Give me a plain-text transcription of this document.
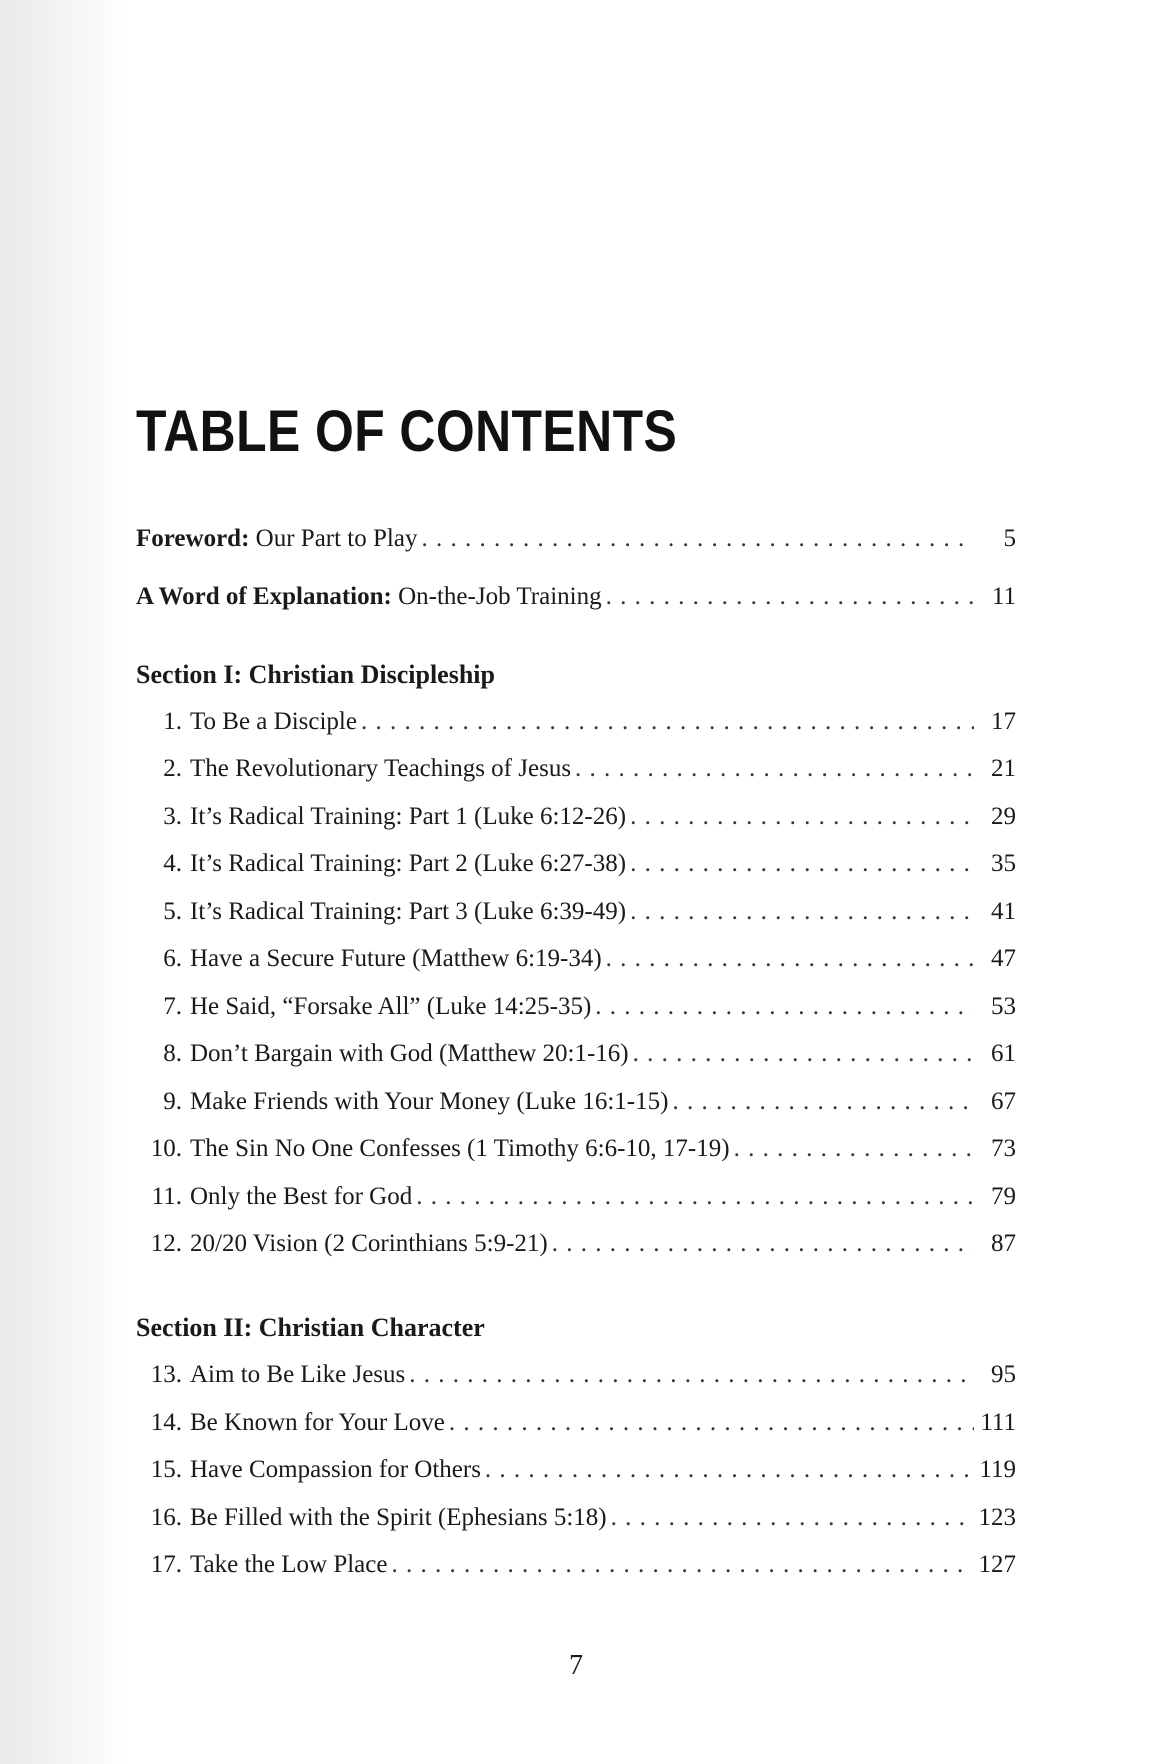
TABLE OF CONTENTS
Foreword: Our Part to Play . . .	5
A Word of Explanation: On-the-Job Training . . .	11
Section I: Christian Discipleship
1. To Be a Disciple . . .	17
2. The Revolutionary Teachings of Jesus . . .	21
3. It’s Radical Training: Part 1 (Luke 6:12-26) . . .	29
4. It’s Radical Training: Part 2 (Luke 6:27-38) . . .	35
5. It’s Radical Training: Part 3 (Luke 6:39-49) . . .	41
6. Have a Secure Future (Matthew 6:19-34) . . .	47
7. He Said, “Forsake All” (Luke 14:25-35) . . .	53
8. Don’t Bargain with God (Matthew 20:1-16) . . .	61
9. Make Friends with Your Money (Luke 16:1-15) . . .	67
10. The Sin No One Confesses (1 Timothy 6:6-10, 17-19) . . .	73
11. Only the Best for God . . .	79
12. 20/20 Vision (2 Corinthians 5:9-21) . . .	87
Section II: Christian Character
13. Aim to Be Like Jesus . . .	95
14. Be Known for Your Love . . .	111
15. Have Compassion for Others . . .	119
16. Be Filled with the Spirit (Ephesians 5:18) . . .	123
17. Take the Low Place . . .	127
7
